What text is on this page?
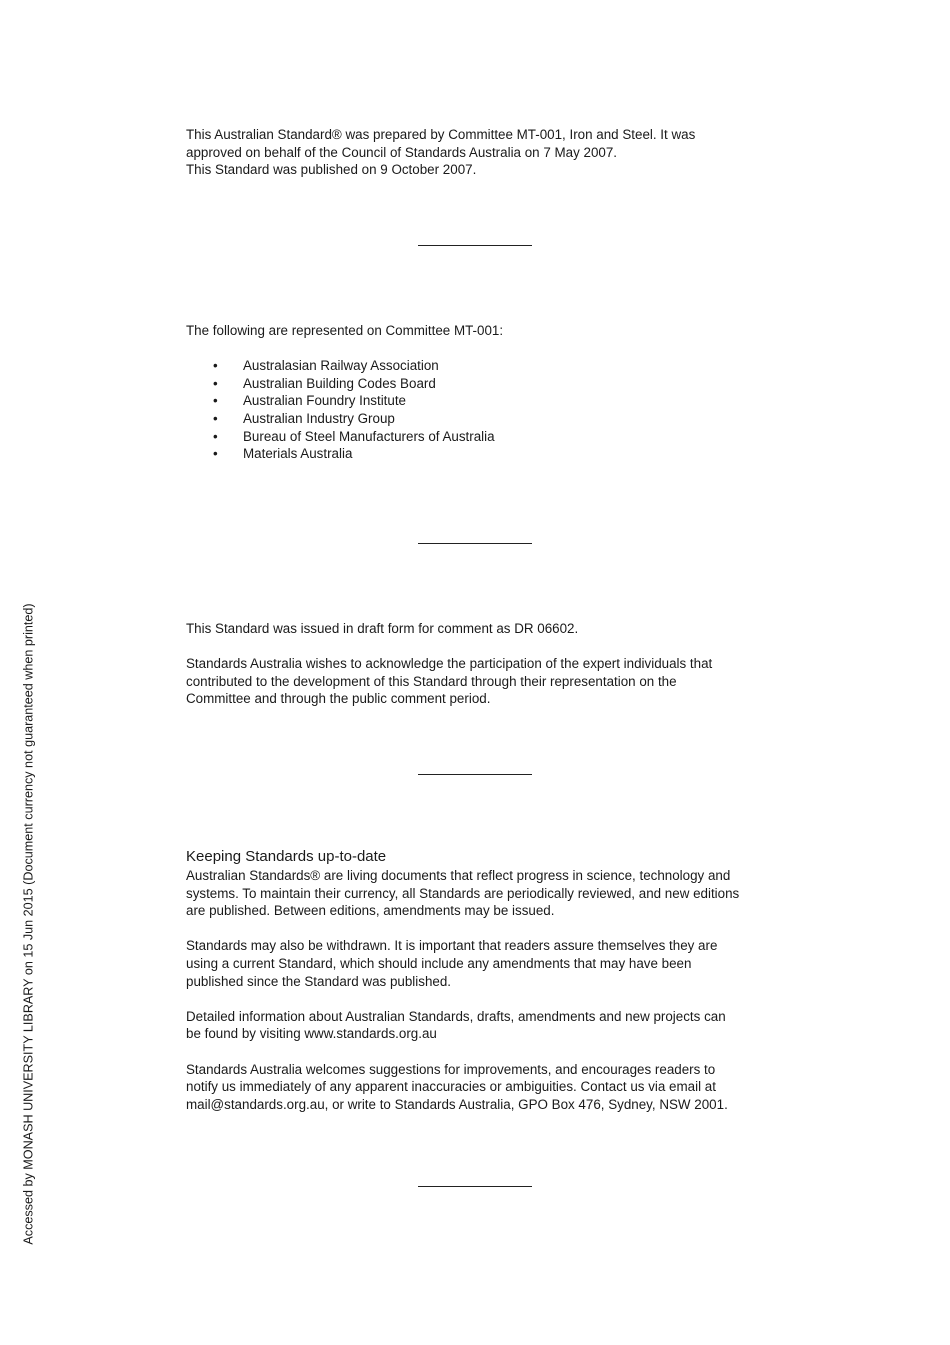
This Australian Standard® was prepared by Committee MT-001, Iron and Steel. It was

approved on behalf of the Council of Standards Australia on 7 May 2007.

This Standard was published on 9 October 2007.

The following are represented on Committee MT-001:

• Australasian Railway Association
• Australian Building Codes Board
• Australian Foundry Institute
• Australian Industry Group
• Bureau of Steel Manufacturers of Australia
• Materials Australia

This Standard was issued in draft form for comment as DR 06602.

Standards Australia wishes to acknowledge the participation of the expert individuals that

contributed to the development of this Standard through their representation on the

Committee and through the public comment period.

Keeping Standards up-to-date

Australian Standards® are living documents that reflect progress in science, technology and

systems. To maintain their currency, all Standards are periodically reviewed, and new editions

are published. Between editions, amendments may be issued.

Standards may also be withdrawn. It is important that readers assure themselves they are

using a current Standard, which should include any amendments that may have been

published since the Standard was published.

Detailed information about Australian Standards, drafts, amendments and new projects can

be found by visiting www.standards.org.au

Standards Australia welcomes suggestions for improvements, and encourages readers to

notify us immediately of any apparent inaccuracies or ambiguities. Contact us via email at

mail@standards.org.au, or write to Standards Australia, GPO Box 476, Sydney, NSW 2001.

Accessed by MONASH UNIVERSITY LIBRARY on 15 Jun 2015 (Document currency not guaranteed when printed)
